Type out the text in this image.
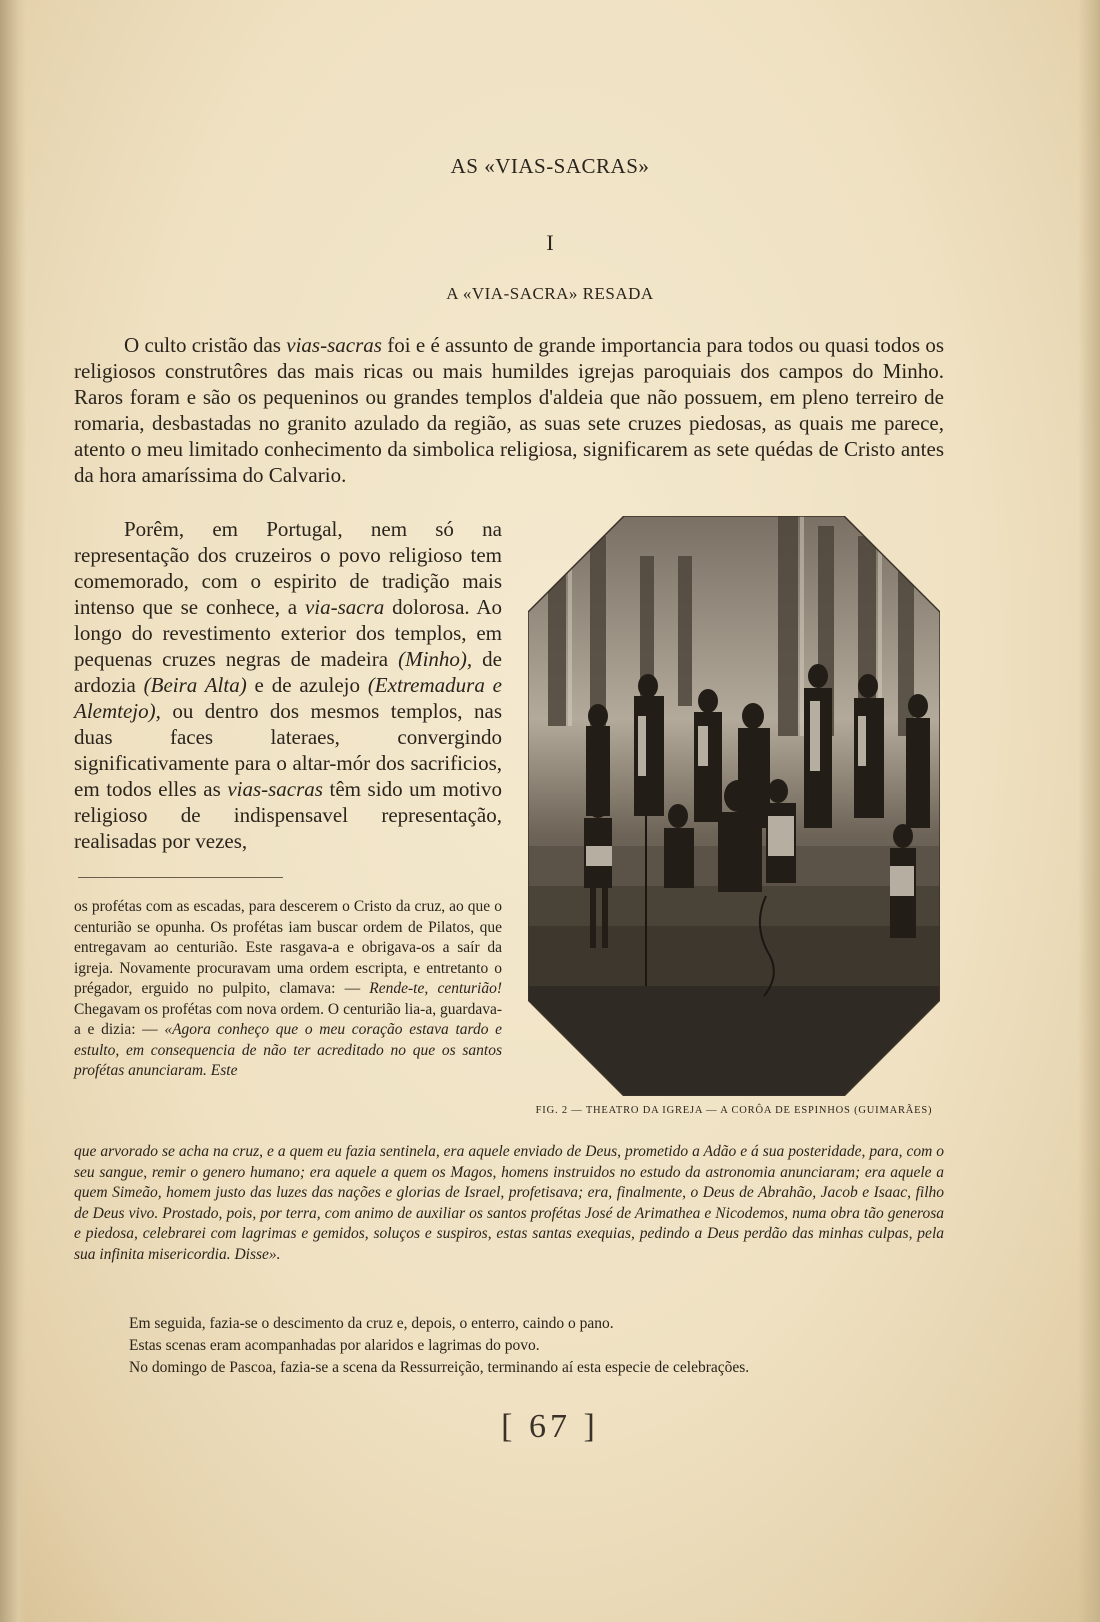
AS «VIAS-SACRAS»
I
A «VIA-SACRA» RESADA

O culto cristão das vias-sacras foi e é assunto de grande importancia para todos ou quasi todos os religiosos construtôres das mais ricas ou mais humildes igrejas paroquiais dos campos do Minho. Raros foram e são os pequeninos ou grandes templos d'aldeia que não possuem, em pleno terreiro de romaria, desbastadas no granito azulado da região, as suas sete cruzes piedosas, as quais me parece, atento o meu limitado conhecimento da simbolica religiosa, significarem as sete quédas de Cristo antes da hora amaríssima do Calvario.

Porêm, em Portugal, nem só na representação dos cruzeiros o povo religioso tem comemorado, com o espirito de tradição mais intenso que se conhece, a via-sacra dolorosa. Ao longo do revestimento exterior dos templos, em pequenas cruzes negras de madeira (Minho), de ardozia (Beira Alta) e de azulejo (Extremadura e Alemtejo), ou dentro dos mesmos templos, nas duas faces lateraes, convergindo significativamente para o altar-mór dos sacrificios, em todos elles as vias-sacras têm sido um motivo religioso de indispensavel representação, realisadas por vezes,

os profétas com as escadas, para descerem o Cristo da cruz, ao que o centurião se opunha. Os profétas iam buscar ordem de Pilatos, que entregavam ao centurião. Este rasgava-a e obrigava-os a saír da igreja. Novamente procuravam uma ordem escripta, e entretanto o prégador, erguido no pulpito, clamava: — Rende-te, centurião! Chegavam os profétas com nova ordem. O centurião lia-a, guardava-a e dizia: — «Agora conheço que o meu coração estava tardo e estulto, em consequencia de não ter acreditado no que os santos profétas anunciaram. Este

que arvorado se acha na cruz, e a quem eu fazia sentinela, era aquele enviado de Deus, prometido a Adão e á sua posteridade, para, com o seu sangue, remir o genero humano; era aquele a quem os Magos, homens instruidos no estudo da astronomia anunciaram; era aquele a quem Simeão, homem justo das luzes das nações e glorias de Israel, profetisava; era, finalmente, o Deus de Abrahão, Jacob e Isaac, filho de Deus vivo. Prostado, pois, por terra, com animo de auxiliar os santos profétas José de Arimathea e Nicodemos, numa obra tão generosa e piedosa, celebrarei com lagrimas e gemidos, soluços e suspiros, estas santas exequias, pedindo a Deus perdão das minhas culpas, pela sua infinita misericordia. Disse».

Em seguida, fazia-se o descimento da cruz e, depois, o enterro, caindo o pano.
Estas scenas eram acompanhadas por alaridos e lagrimas do povo.
No domingo de Pascoa, fazia-se a scena da Ressurreição, terminando aí esta especie de celebrações.
FIG. 2 — THEATRO DA IGREJA — A CORÔA DE ESPINHOS (GUIMARÃES)
[ 67 ]
